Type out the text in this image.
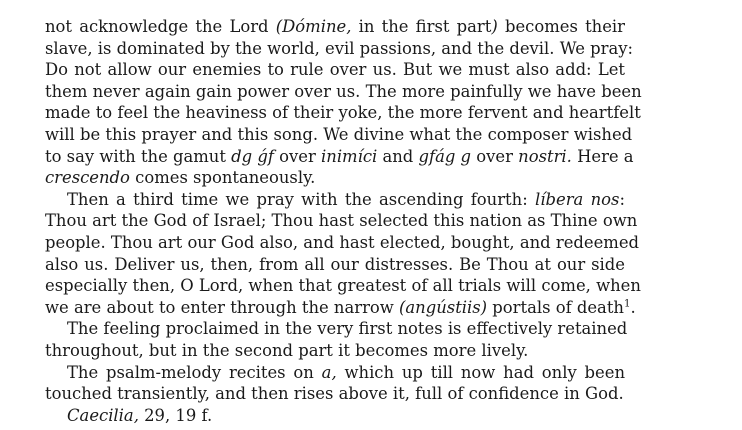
not acknowledge the Lord (Dómine, in the first part) becomes their
slave, is dominated by the world, evil passions, and the devil. We pray:
Do not allow our enemies to rule over us. But we must also add: Let
them never again gain power over us. The more painfully we have been
made to feel the heaviness of their yoke, the more fervent and heartfelt
will be this prayer and this song. We divine what the composer wished
to say with the gamut dg ǵf over inimíci and gfág g over nostri. Here a
crescendo comes spontaneously.
Then a third time we pray with the ascending fourth: líbera nos:
Thou art the God of Israel; Thou hast selected this nation as Thine own
people. Thou art our God also, and hast elected, bought, and redeemed
also us. Deliver us, then, from all our distresses. Be Thou at our side
especially then, O Lord, when that greatest of all trials will come, when
we are about to enter through the narrow (angústiis) portals of death$^1$.
The feeling proclaimed in the very first notes is effectively retained
throughout, but in the second part it becomes more lively.
The psalm-melody recites on a, which up till now had only been
touched transiently, and then rises above it, full of confidence in God.
Caecilia, 29, 19 f.
